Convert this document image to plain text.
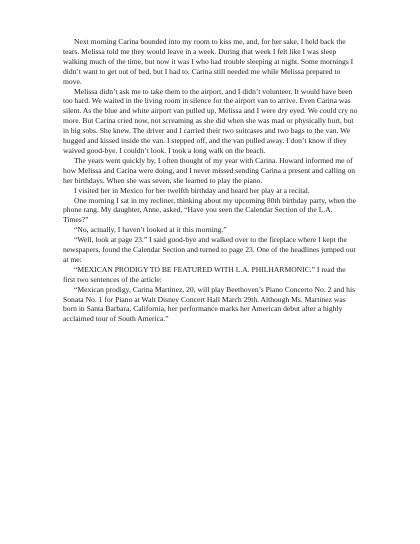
Next morning Carina bounded into my room to kiss me, and, for her sake, I held back the tears. Melissa told me they would leave in a week. During that week I felt like I was sleep walking much of the time, but now it was I who had trouble sleeping at night. Some mornings I didn’t want to get out of bed, but I had to. Carina still needed me while Melissa prepared to move.

Melissa didn’t ask me to take them to the airport, and I didn’t volunteer. It would have been too hard. We waited in the living room in silence for the airport van to arrive. Even Carina was silent. As the blue and white airport van pulled up, Melissa and I were dry eyed. We could cry no more. But Carina cried now, not screaming as she did when she was mad or physically hurt, but in big sobs. She knew. The driver and I carried their two suitcases and two bags to the van. We hugged and kissed inside the van. I stepped off, and the van pulled away. I don’t know if they waived good-bye. I couldn’t look. I took a long walk on the beach.

The years went quickly by, I often thought of my year with Carina. Howard informed me of how Melissa and Carina were doing, and I never missed sending Carina a present and calling on her birthdays. When she was seven, she learned to play the piano.

I visited her in Mexico for her twelfth birthday and heard her play at a recital.

One morning I sat in my recliner, thinking about my upcoming 80th birthday party, when the phone rang. My daughter, Anne, asked, “Have you seen the Calendar Section of the L.A. Times?”

“No, actually, I haven’t looked at it this morning.”

“Well, look at page 23.” I said good-bye and walked over to the fireplace where I kept the newspapers, found the Calendar Section and turned to page 23. One of the headlines jumped out at me:

“MEXICAN PRODIGY TO BE FEATURED WITH L.A. PHILHARMONIC.” I read the first two sentences of the article:

“Mexican prodigy, Carina Martinez, 20, will play Beethoven’s Piano Concerto No. 2 and his Sonata No. 1 for Piano at Walt Disney Concert Hall March 29th. Although Ms. Martinez was born in Santa Barbara, California, her performance marks her American debut after a highly acclaimed tour of South America.”
